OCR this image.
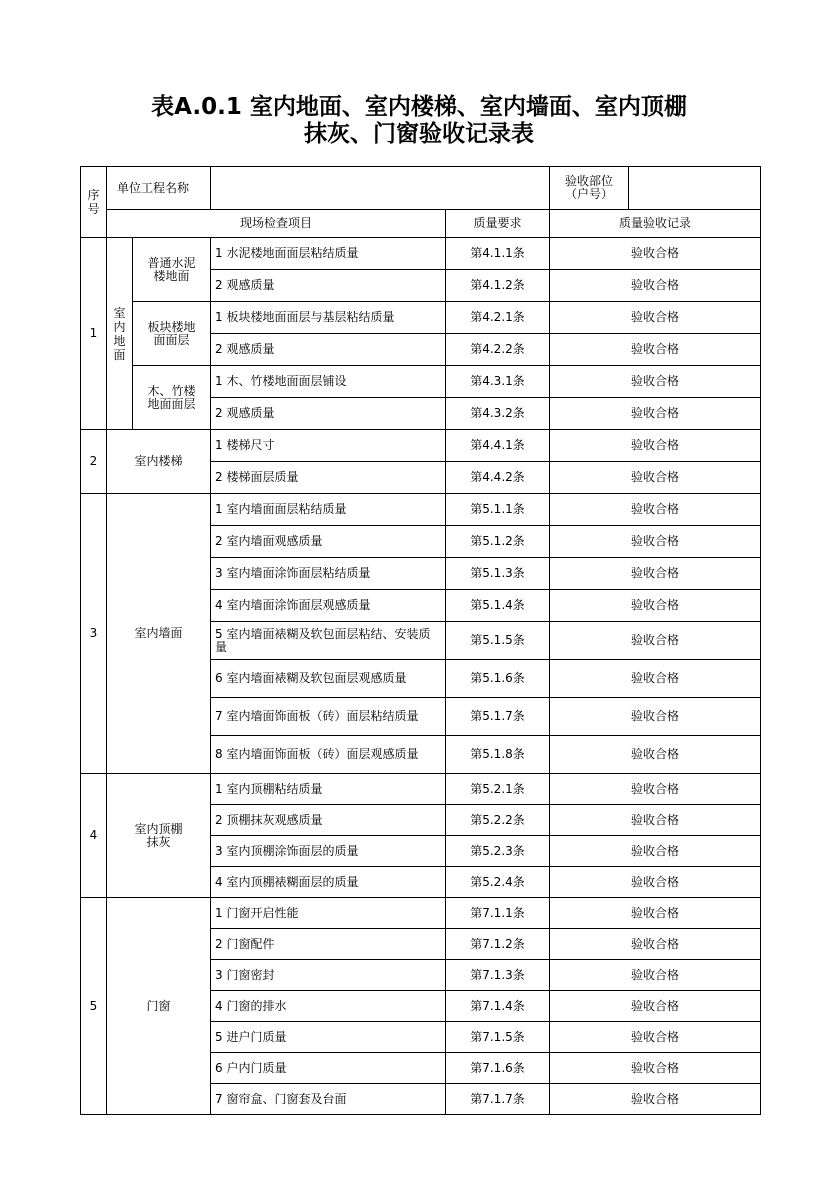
表A.0.1 室内地面、室内楼梯、室内墙面、室内顶棚
抹灰、门窗验收记录表
序号	单位工程名称				验收部位
（户号）	
	现场检查项目			质量要求	质量验收记录	
1	室内地面	普通水泥楼地面	1 水泥楼地面面层粘结质量	第4.1.1条	验收合格	
			2 观感质量	第4.1.2条	验收合格	
		板块楼地面面层	1 板块楼地面面层与基层粘结质量	第4.2.1条	验收合格	
			2 观感质量	第4.2.2条	验收合格	
		木、竹楼地面面层	1 木、竹楼地面面层铺设	第4.3.1条	验收合格	
			2 观感质量	第4.3.2条	验收合格	
2	室内楼梯		1 楼梯尺寸	第4.4.1条	验收合格	
			2 楼梯面层质量	第4.4.2条	验收合格	
3	室内墙面		1 室内墙面面层粘结质量	第5.1.1条	验收合格	
			2 室内墙面观感质量	第5.1.2条	验收合格	
			3 室内墙面涂饰面层粘结质量	第5.1.3条	验收合格	
			4 室内墙面涂饰面层观感质量	第5.1.4条	验收合格	
			5 室内墙面裱糊及软包面层粘结、安装质量	第5.1.5条	验收合格	
			6 室内墙面裱糊及软包面层观感质量	第5.1.6条	验收合格	
			7 室内墙面饰面板（砖）面层粘结质量	第5.1.7条	验收合格	
			8 室内墙面饰面板（砖）面层观感质量	第5.1.8条	验收合格	
4	室内顶棚抹灰		1 室内顶棚粘结质量	第5.2.1条	验收合格	
			2 顶棚抹灰观感质量	第5.2.2条	验收合格	
			3 室内顶棚涂饰面层的质量	第5.2.3条	验收合格	
			4 室内顶棚裱糊面层的质量	第5.2.4条	验收合格	
5	门窗		1 门窗开启性能	第7.1.1条	验收合格	
			2 门窗配件	第7.1.2条	验收合格	
			3 门窗密封	第7.1.3条	验收合格	
			4 门窗的排水	第7.1.4条	验收合格	
			5 进户门质量	第7.1.5条	验收合格	
			6 户内门质量	第7.1.6条	验收合格	
			7 窗帘盒、门窗套及台面	第7.1.7条	验收合格	
